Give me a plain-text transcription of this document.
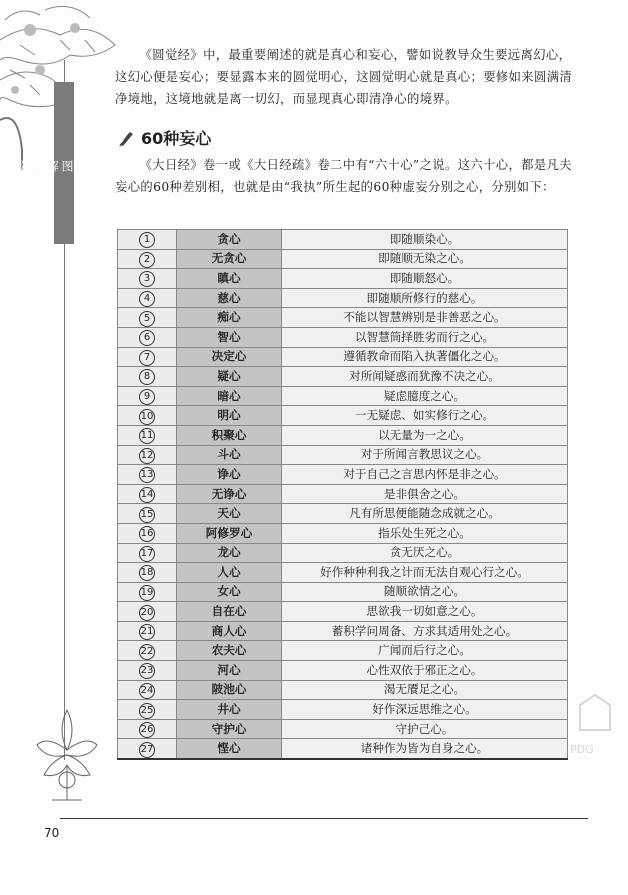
图
解
圆
觉
经

《圆觉经》中，最重要阐述的就是真心和妄心，譬如说教导众生要远离幻心，这幻心便是妄心；要显露本来的圆觉明心，这圆觉明心就是真心；要修如来圆满清净境地，这境地就是离一切幻，而显现真心即清净心的境界。

60种妄心

《大日经》卷一或《大日经疏》卷二中有“六十心”之说。这六十心，都是凡夫妄心的60种差别相，也就是由“我执”所生起的60种虚妄分别之心，分别如下：

1	贪心	即随顺染心。
2	无贪心	即随顺无染之心。
3	瞋心	即随顺怒心。
4	慈心	即随顺所修行的慈心。
5	痴心	不能以智慧辨别是非善恶之心。
6	智心	以智慧筒择胜劣而行之心。
7	决定心	遵循教命而陷入执著僵化之心。
8	疑心	对所闻疑惑而犹豫不决之心。
9	暗心	疑虑臆度之心。
10	明心	一无疑虑、如实修行之心。
11	积聚心	以无量为一之心。
12	斗心	对于所闻言教思议之心。
13	诤心	对于自己之言思内怀是非之心。
14	无诤心	是非俱舍之心。
15	天心	凡有所思便能随念成就之心。
16	阿修罗心	指乐处生死之心。
17	龙心	贪无厌之心。
18	人心	好作种种利我之计而无法自观心行之心。
19	女心	随顺欲情之心。
20	自在心	思欲我一切如意之心。
21	商人心	蓄积学问周备、方求其适用处之心。
22	农夫心	广闻而后行之心。
23	河心	心性双依于邪正之心。
24	陂池心	渴无餍足之心。
25	井心	好作深远思维之心。
26	守护心	守护己心。
27	悭心	诸种作为皆为自身之心。	PDG
70
